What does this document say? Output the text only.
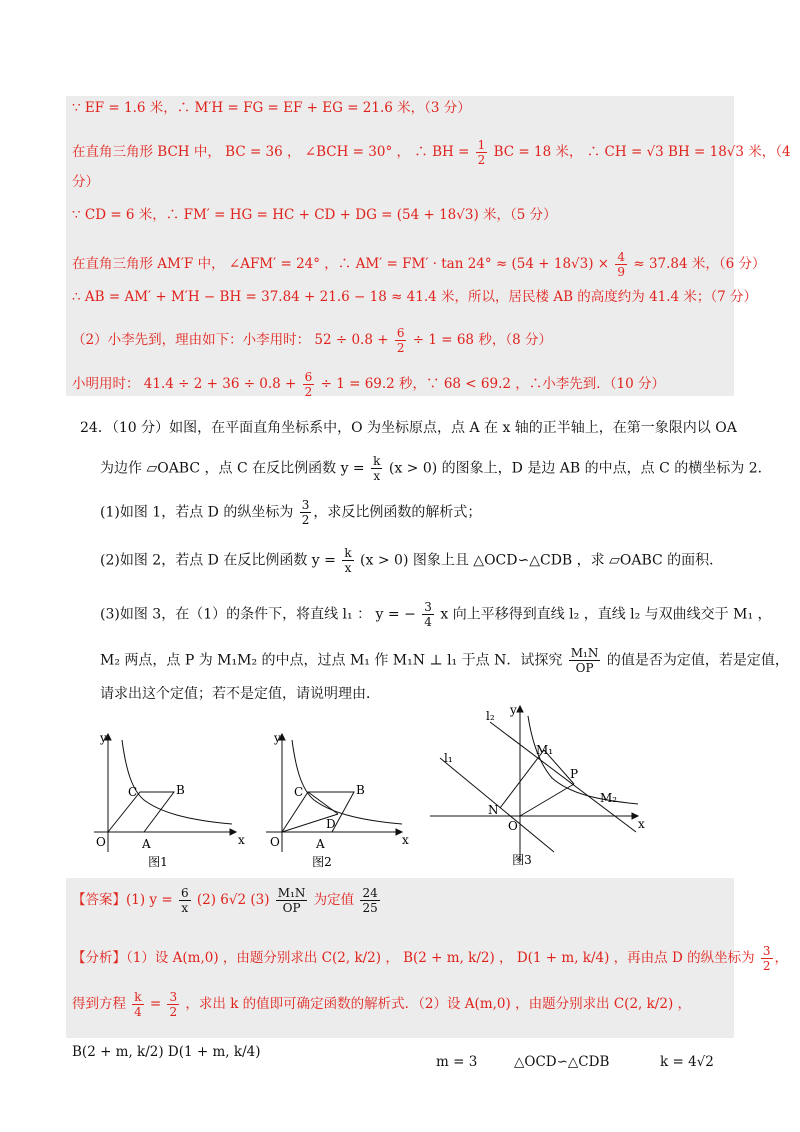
∵ EF = 1.6 米，∴ M′H = FG = EF + EG = 21.6 米，（3 分）
在直角三角形 BCH 中， BC = 36 ， ∠BCH = 30° ， ∴ BH = $\frac{1}{2}$ BC = 18 米， ∴ CH = √3 BH = 18√3 米，（4
分）
∵ CD = 6 米，∴ FM′ = HG = HC + CD + DG = (54 + 18√3) 米，（5 分）
在直角三角形 AM′F 中， ∠AFM′ = 24° ，∴ $AM' = FM' \cdot \tan 24^\circ \approx (54 + 18√3) \times \frac{4}{9} \approx 37.84$ 米，（6 分）
∴ AB = AM′ + M′H − BH = 37.84 + 21.6 − 18 ≈ 41.4 米，所以，居民楼 AB 的高度约为 41.4 米；（7 分）
（2）小李先到，理由如下：小李用时： $52 \div 0.8 + \frac{6}{2} \div 1 = 68$ 秒，（8 分）
小明用时： $41.4 \div 2 + 36 \div 0.8 + \frac{6}{2} \div 1 = 69.2$ 秒，∵ 68 < 69.2 ，∴小李先到．（10 分）
24．（10 分）如图，在平面直角坐标系中，O 为坐标原点，点 A 在 x 轴的正半轴上，在第一象限内以 OA
为边作 ▱OABC ，点 C 在反比例函数 $y = \frac{k}{x} (x > 0)$ 的图象上，D 是边 AB 的中点，点 C 的横坐标为 2．
(1)如图 1，若点 D 的纵坐标为 $\frac{3}{2}$ ，求反比例函数的解析式；
(2)如图 2，若点 D 在反比例函数 $y = \frac{k}{x} (x > 0)$ 图象上且 △OCD∽△CDB ，求 ▱OABC 的面积．
(3)如图 3，在（1）的条件下，将直线 l₁ ： y = − $\frac{3}{4}$ x 向上平移得到直线 l₂ ，直线 l₂ 与双曲线交于 M₁ ，
M₂ 两点，点 P 为 M₁M₂ 的中点，过点 M₁ 作 M₁N ⊥ l₁ 于点 N．试探究 $\frac{\text{M₁N}}{OP}$ 的值是否为定值，若是定值，
请求出这个定值；若不是定值，请说明理由．
y
x
O	A
B
C
图1
y
x
O	A
B
C
D
图2
l₂
l₁
y
x
O
N
P
M₁
M₂
图3
【答案】(1) $y = \frac{6}{x} (2)$ 6√2 $(3) \frac{\text{M₁N}}{OP}$ 为定值 $\frac{24}{25}$
【分析】（1）设 A(m,0) ，由题分别求出 C(2, k/2) ， B(2 + m, k/2) ， D(1 + m, k/4) ，再由点 D 的纵坐标为 $\frac{3}{2}$ ，
得到方程 $\frac{k}{4} = \frac{3}{2}$ ，求出 k 的值即可确定函数的解析式．（2）设 A(m,0) ，由题分别求出 C(2, k/2) ，
B(2 + m, k/2) D(1 + m, k/4)
m = 3	△OCD∽△CDB	k = 4√2
